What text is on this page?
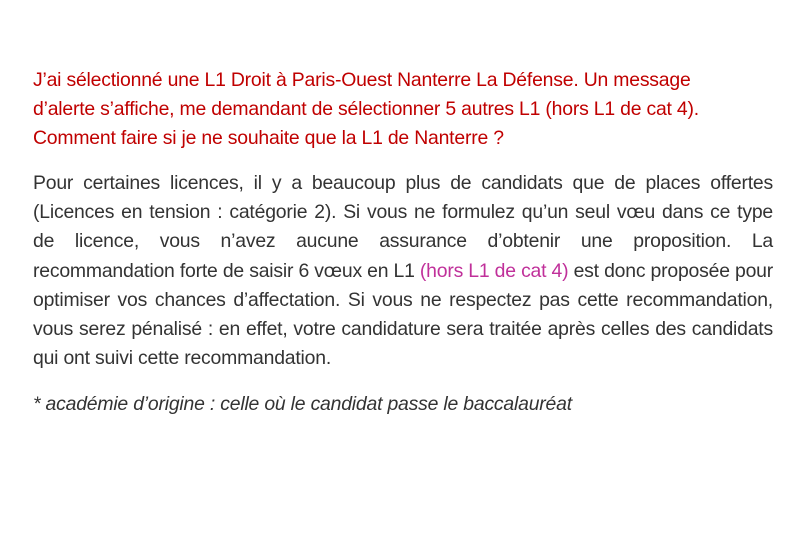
J’ai sélectionné une L1 Droit à Paris-Ouest Nanterre La Défense. Un message
d’alerte s’affiche, me demandant de sélectionner 5 autres L1 (hors L1 de cat 4).
Comment faire si je ne souhaite que la L1 de Nanterre ?

Pour certaines licences, il y a beaucoup plus de candidats que de places offertes (Licences en tension : catégorie 2). Si vous ne formulez qu’un seul vœu dans ce type de licence, vous n’avez aucune assurance d’obtenir une proposition. La recommandation forte de saisir 6 vœux en L1 (hors L1 de cat 4) est donc proposée pour optimiser vos chances d’affectation. Si vous ne respectez pas cette recommandation, vous serez pénalisé : en effet, votre candidature sera traitée après celles des candidats qui ont suivi cette recommandation.

* académie d’origine : celle où le candidat passe le baccalauréat
